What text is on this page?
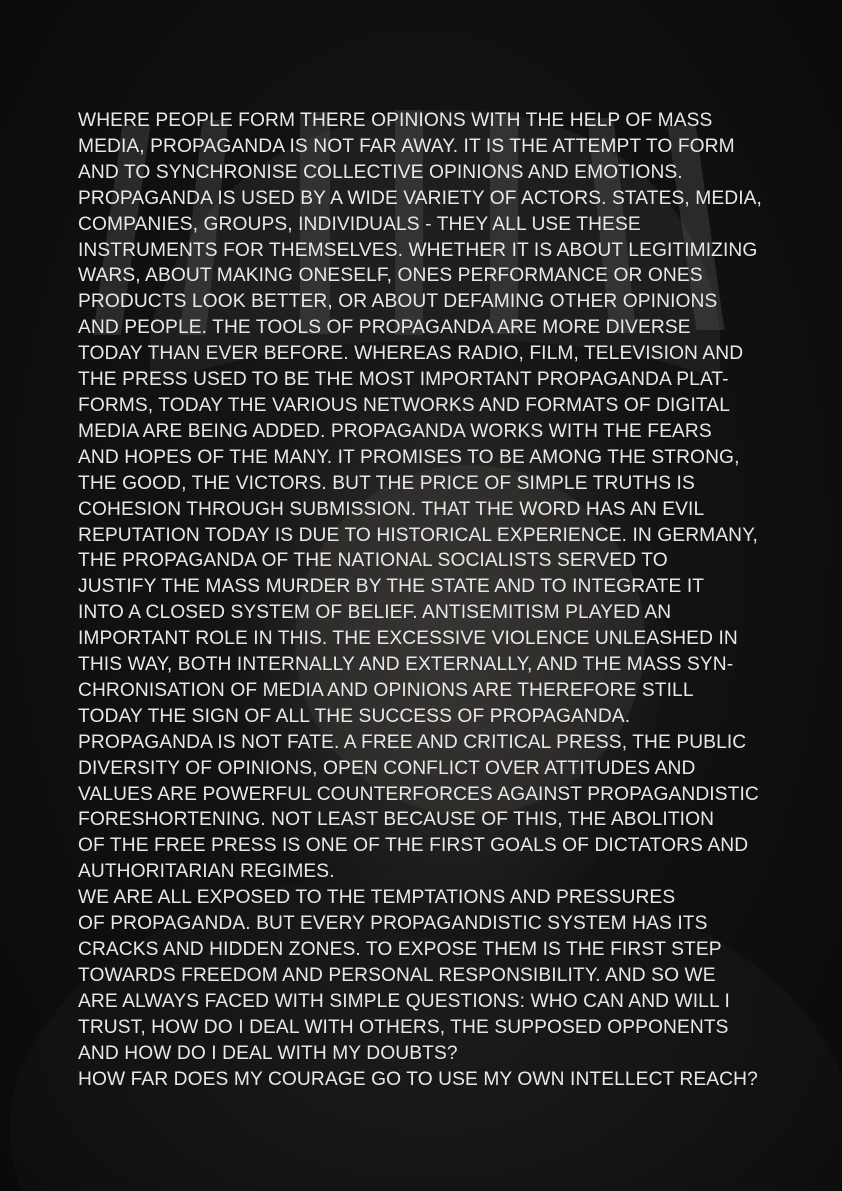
WHERE PEOPLE FORM THERE OPINIONS WITH THE HELP OF MASS
MEDIA, PROPAGANDA IS NOT FAR AWAY. IT IS THE ATTEMPT TO FORM
AND TO SYNCHRONISE COLLECTIVE OPINIONS AND EMOTIONS.
PROPAGANDA IS USED BY A WIDE VARIETY OF ACTORS. STATES, MEDIA,
COMPANIES, GROUPS, INDIVIDUALS - THEY ALL USE THESE
INSTRUMENTS FOR THEMSELVES. WHETHER IT IS ABOUT LEGITIMIZING
WARS, ABOUT MAKING ONESELF, ONES PERFORMANCE OR ONES
PRODUCTS LOOK BETTER, OR ABOUT DEFAMING OTHER OPINIONS
AND PEOPLE. THE TOOLS OF PROPAGANDA ARE MORE DIVERSE
TODAY THAN EVER BEFORE. WHEREAS RADIO, FILM, TELEVISION AND
THE PRESS USED TO BE THE MOST IMPORTANT PROPAGANDA PLAT-
FORMS, TODAY THE VARIOUS NETWORKS AND FORMATS OF DIGITAL
MEDIA ARE BEING ADDED. PROPAGANDA WORKS WITH THE FEARS
AND HOPES OF THE MANY. IT PROMISES TO BE AMONG THE STRONG,
THE GOOD, THE VICTORS. BUT THE PRICE OF SIMPLE TRUTHS IS
COHESION THROUGH SUBMISSION. THAT THE WORD HAS AN EVIL
REPUTATION TODAY IS DUE TO HISTORICAL EXPERIENCE. IN GERMANY,
THE PROPAGANDA OF THE NATIONAL SOCIALISTS SERVED TO
JUSTIFY THE MASS MURDER BY THE STATE AND TO INTEGRATE IT
INTO A CLOSED SYSTEM OF BELIEF. ANTISEMITISM PLAYED AN
IMPORTANT ROLE IN THIS. THE EXCESSIVE VIOLENCE UNLEASHED IN
THIS WAY, BOTH INTERNALLY AND EXTERNALLY, AND THE MASS SYN-
CHRONISATION OF MEDIA AND OPINIONS ARE THEREFORE STILL
TODAY THE SIGN OF ALL THE SUCCESS OF PROPAGANDA.
PROPAGANDA IS NOT FATE. A FREE AND CRITICAL PRESS, THE PUBLIC
DIVERSITY OF OPINIONS, OPEN CONFLICT OVER ATTITUDES AND
VALUES ARE POWERFUL COUNTERFORCES AGAINST PROPAGANDISTIC
FORESHORTENING. NOT LEAST BECAUSE OF THIS, THE ABOLITION
OF THE FREE PRESS IS ONE OF THE FIRST GOALS OF DICTATORS AND
AUTHORITARIAN REGIMES.
WE ARE ALL EXPOSED TO THE TEMPTATIONS AND PRESSURES
OF PROPAGANDA. BUT EVERY PROPAGANDISTIC SYSTEM HAS ITS
CRACKS AND HIDDEN ZONES. TO EXPOSE THEM IS THE FIRST STEP
TOWARDS FREEDOM AND PERSONAL RESPONSIBILITY. AND SO WE
ARE ALWAYS FACED WITH SIMPLE QUESTIONS: WHO CAN AND WILL I
TRUST, HOW DO I DEAL WITH OTHERS, THE SUPPOSED OPPONENTS
AND HOW DO I DEAL WITH MY DOUBTS?
HOW FAR DOES MY COURAGE GO TO USE MY OWN INTELLECT REACH?
